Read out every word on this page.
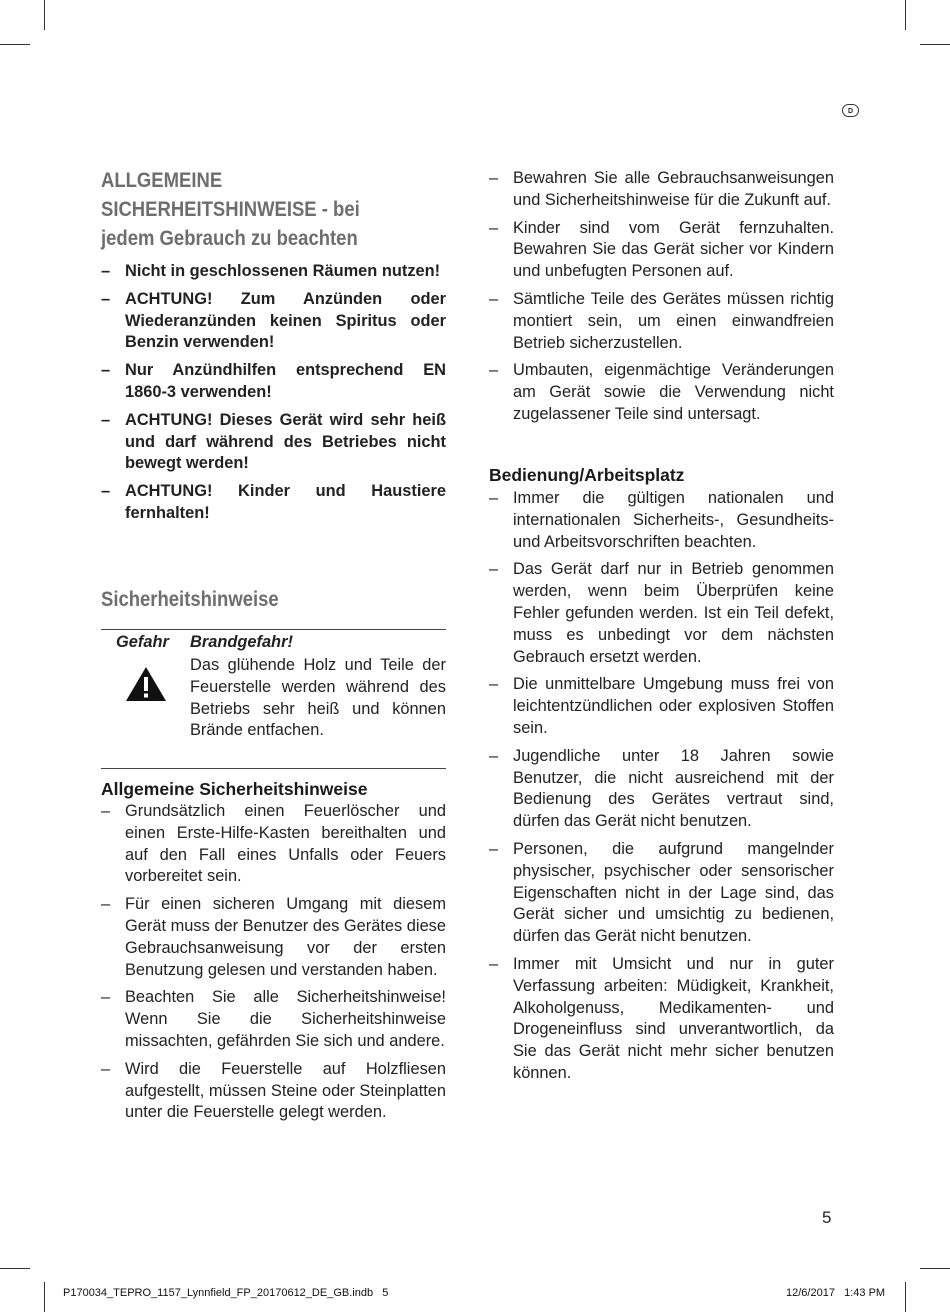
D
ALLGEMEINE
SICHERHEITSHINWEISE - bei
jedem Gebrauch zu beachten
– Nicht in geschlossenen Räumen nutzen!
– ACHTUNG! Zum Anzünden oder Wiederanzünden keinen Spiritus oder Benzin verwenden!
– Nur Anzündhilfen entsprechend EN 1860-3 verwenden!
– ACHTUNG! Dieses Gerät wird sehr heiß und darf während des Betriebes nicht bewegt werden!
– ACHTUNG! Kinder und Haustiere fernhalten!
Sicherheitshinweise
Gefahr Brandgefahr!
Das glühende Holz und Teile der Feuerstelle werden während des Betriebs sehr heiß und können Brände entfachen.
Allgemeine Sicherheitshinweise
– Grundsätzlich einen Feuerlöscher und einen Erste-Hilfe-Kasten bereithalten und auf den Fall eines Unfalls oder Feuers vorbereitet sein.
– Für einen sicheren Umgang mit diesem Gerät muss der Benutzer des Gerätes diese Gebrauchsanweisung vor der ersten Benutzung gelesen und verstanden haben.
– Beachten Sie alle Sicherheitshinweise! Wenn Sie die Sicherheitshinweise missachten, gefährden Sie sich und andere.
– Wird die Feuerstelle auf Holzfliesen aufgestellt, müssen Steine oder Steinplatten unter die Feuerstelle gelegt werden.
– Bewahren Sie alle Gebrauchsanweisungen und Sicherheitshinweise für die Zukunft auf.
– Kinder sind vom Gerät fernzuhalten. Bewahren Sie das Gerät sicher vor Kindern und unbefugten Personen auf.
– Sämtliche Teile des Gerätes müssen richtig montiert sein, um einen einwandfreien Betrieb sicherzustellen.
– Umbauten, eigenmächtige Veränderungen am Gerät sowie die Verwendung nicht zugelassener Teile sind untersagt.
Bedienung/Arbeitsplatz
– Immer die gültigen nationalen und internationalen Sicherheits-, Gesundheits- und Arbeitsvorschriften beachten.
– Das Gerät darf nur in Betrieb genommen werden, wenn beim Überprüfen keine Fehler gefunden werden. Ist ein Teil defekt, muss es unbedingt vor dem nächsten Gebrauch ersetzt werden.
– Die unmittelbare Umgebung muss frei von leichtentzündlichen oder explosiven Stoffen sein.
– Jugendliche unter 18 Jahren sowie Benutzer, die nicht ausreichend mit der Bedienung des Gerätes vertraut sind, dürfen das Gerät nicht benutzen.
– Personen, die aufgrund mangelnder physischer, psychischer oder sensorischer Eigenschaften nicht in der Lage sind, das Gerät sicher und umsichtig zu bedienen, dürfen das Gerät nicht benutzen.
– Immer mit Umsicht und nur in guter Verfassung arbeiten: Müdigkeit, Krankheit, Alkoholgenuss, Medikamenten- und Drogeneinfluss sind unverantwortlich, da Sie das Gerät nicht mehr sicher benutzen können.
5
P170034_TEPRO_1157_Lynnfield_FP_20170612_DE_GB.indb   5	12/6/2017   1:43 PM
